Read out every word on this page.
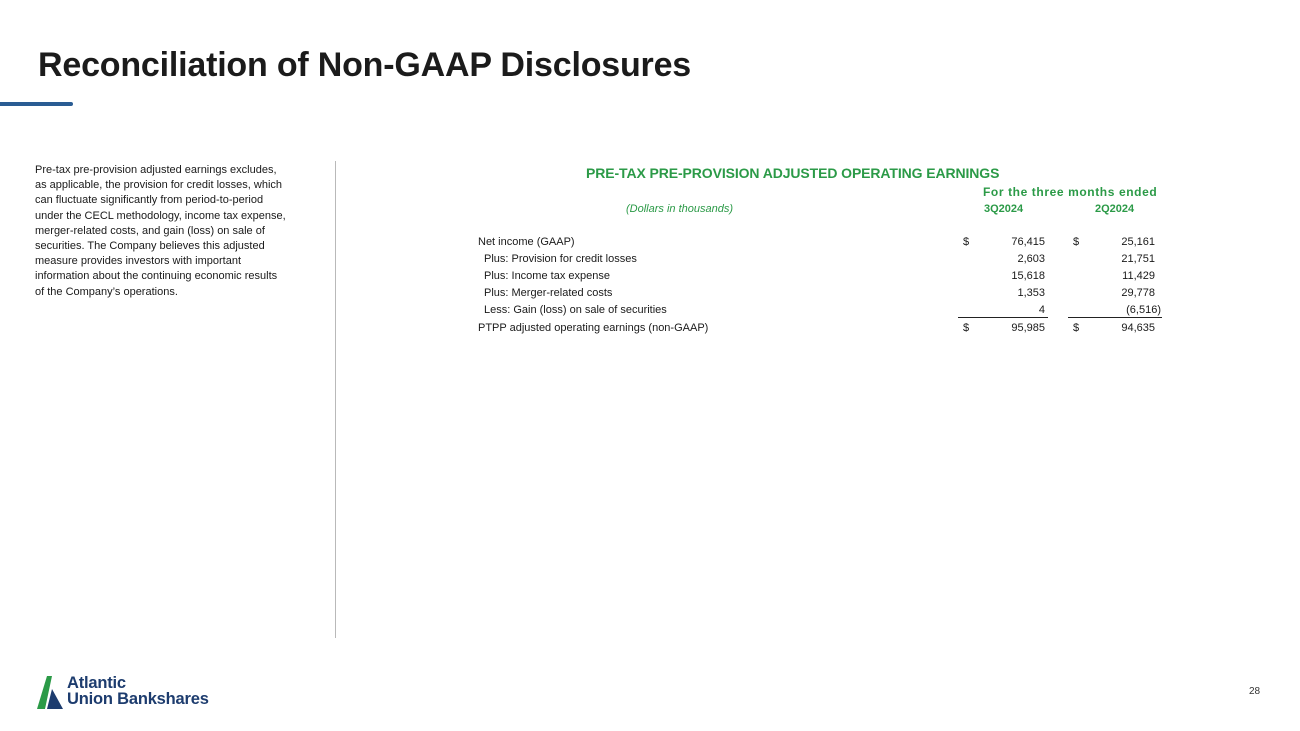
Reconciliation of Non-GAAP Disclosures
Pre-tax pre-provision adjusted earnings excludes, as applicable, the provision for credit losses, which can fluctuate significantly from period-to-period under the CECL methodology, income tax expense, merger-related costs, and gain (loss) on sale of securities. The Company believes this adjusted measure provides investors with important information about the continuing economic results of the Company’s operations.
PRE-TAX PRE-PROVISION ADJUSTED OPERATING EARNINGS
For the three months ended
(Dollars in thousands)	3Q2024	2Q2024
Net income (GAAP)	$	76,415	$	25,161
Plus: Provision for credit losses	2,603	21,751
Plus: Income tax expense	15,618	11,429
Plus: Merger-related costs	1,353	29,778
Less: Gain (loss) on sale of securities	4	(6,516)
PTPP adjusted operating earnings (non-GAAP)	$	95,985	$	94,635
Atlantic
Union Bankshares	28
